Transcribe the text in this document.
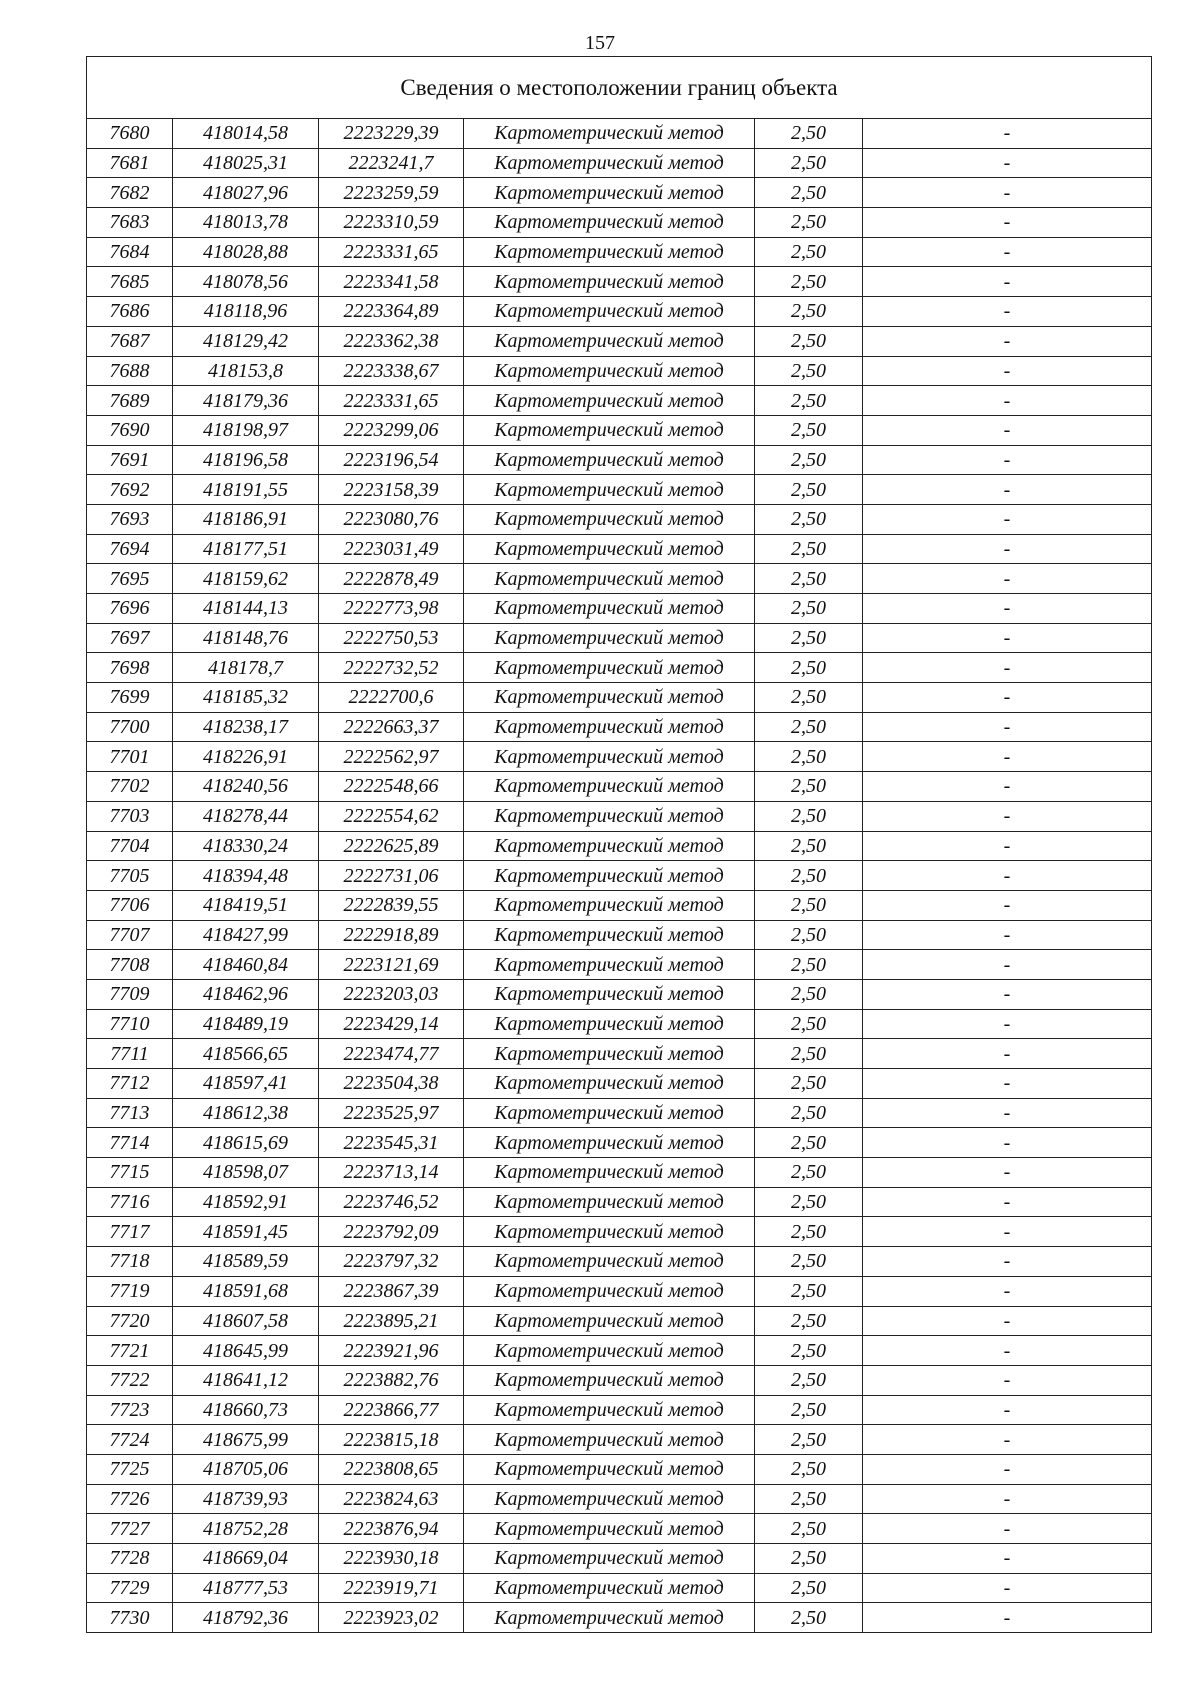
157
Сведения о местоположении границ объекта					
7680	418014,58	2223229,39	Картометрический метод	2,50	-
7681	418025,31	2223241,7	Картометрический метод	2,50	-
7682	418027,96	2223259,59	Картометрический метод	2,50	-
7683	418013,78	2223310,59	Картометрический метод	2,50	-
7684	418028,88	2223331,65	Картометрический метод	2,50	-
7685	418078,56	2223341,58	Картометрический метод	2,50	-
7686	418118,96	2223364,89	Картометрический метод	2,50	-
7687	418129,42	2223362,38	Картометрический метод	2,50	-
7688	418153,8	2223338,67	Картометрический метод	2,50	-
7689	418179,36	2223331,65	Картометрический метод	2,50	-
7690	418198,97	2223299,06	Картометрический метод	2,50	-
7691	418196,58	2223196,54	Картометрический метод	2,50	-
7692	418191,55	2223158,39	Картометрический метод	2,50	-
7693	418186,91	2223080,76	Картометрический метод	2,50	-
7694	418177,51	2223031,49	Картометрический метод	2,50	-
7695	418159,62	2222878,49	Картометрический метод	2,50	-
7696	418144,13	2222773,98	Картометрический метод	2,50	-
7697	418148,76	2222750,53	Картометрический метод	2,50	-
7698	418178,7	2222732,52	Картометрический метод	2,50	-
7699	418185,32	2222700,6	Картометрический метод	2,50	-
7700	418238,17	2222663,37	Картометрический метод	2,50	-
7701	418226,91	2222562,97	Картометрический метод	2,50	-
7702	418240,56	2222548,66	Картометрический метод	2,50	-
7703	418278,44	2222554,62	Картометрический метод	2,50	-
7704	418330,24	2222625,89	Картометрический метод	2,50	-
7705	418394,48	2222731,06	Картометрический метод	2,50	-
7706	418419,51	2222839,55	Картометрический метод	2,50	-
7707	418427,99	2222918,89	Картометрический метод	2,50	-
7708	418460,84	2223121,69	Картометрический метод	2,50	-
7709	418462,96	2223203,03	Картометрический метод	2,50	-
7710	418489,19	2223429,14	Картометрический метод	2,50	-
7711	418566,65	2223474,77	Картометрический метод	2,50	-
7712	418597,41	2223504,38	Картометрический метод	2,50	-
7713	418612,38	2223525,97	Картометрический метод	2,50	-
7714	418615,69	2223545,31	Картометрический метод	2,50	-
7715	418598,07	2223713,14	Картометрический метод	2,50	-
7716	418592,91	2223746,52	Картометрический метод	2,50	-
7717	418591,45	2223792,09	Картометрический метод	2,50	-
7718	418589,59	2223797,32	Картометрический метод	2,50	-
7719	418591,68	2223867,39	Картометрический метод	2,50	-
7720	418607,58	2223895,21	Картометрический метод	2,50	-
7721	418645,99	2223921,96	Картометрический метод	2,50	-
7722	418641,12	2223882,76	Картометрический метод	2,50	-
7723	418660,73	2223866,77	Картометрический метод	2,50	-
7724	418675,99	2223815,18	Картометрический метод	2,50	-
7725	418705,06	2223808,65	Картометрический метод	2,50	-
7726	418739,93	2223824,63	Картометрический метод	2,50	-
7727	418752,28	2223876,94	Картометрический метод	2,50	-
7728	418669,04	2223930,18	Картометрический метод	2,50	-
7729	418777,53	2223919,71	Картометрический метод	2,50	-
7730	418792,36	2223923,02	Картометрический метод	2,50	-
